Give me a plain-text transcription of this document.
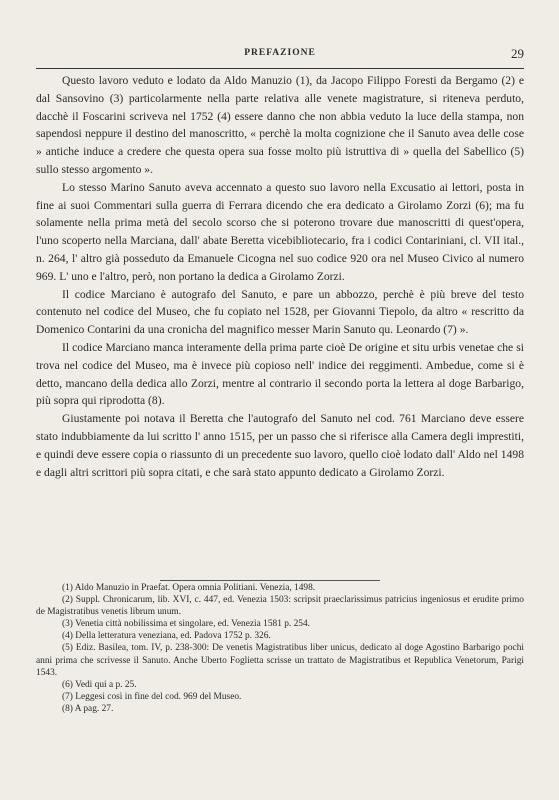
PREFAZIONE	29

Questo lavoro veduto e lodato da Aldo Manuzio (1), da Jacopo Filippo Foresti da Bergamo (2) e dal Sansovino (3) particolarmente nella parte relativa alle venete magistrature, si riteneva perduto, dacchè il Foscarini scriveva nel 1752 (4) essere danno che non abbia veduto la luce della stampa, non sapendosi neppure il destino del manoscritto, « perchè la molta cognizione che il Sanuto avea delle cose » antiche induce a credere che questa opera sua fosse molto più istruttiva di » quella del Sabellico (5) sullo stesso argomento ».

Lo stesso Marino Sanuto aveva accennato a questo suo lavoro nella Excusatio ai lettori, posta in fine ai suoi Commentari sulla guerra di Ferrara dicendo che era dedicato a Girolamo Zorzi (6); ma fu solamente nella prima metà del secolo scorso che si poterono trovare due manoscritti di quest'opera, l'uno scoperto nella Marciana, dall' abate Beretta vicebibliotecario, fra i codici Contariniani, cl. VII ital., n. 264, l' altro già posseduto da Emanuele Cicogna nel suo codice 920 ora nel Museo Civico al numero 969. L' uno e l'altro, però, non portano la dedica a Girolamo Zorzi.

Il codice Marciano è autografo del Sanuto, e pare un abbozzo, perchè è più breve del testo contenuto nel codice del Museo, che fu copiato nel 1528, per Giovanni Tiepolo, da altro « rescritto da Domenico Contarini da una cronicha del magnifico messer Marin Sanuto qu. Leonardo (7) ».

Il codice Marciano manca interamente della prima parte cioè De origine et situ urbis venetae che si trova nel codice del Museo, ma è invece più copioso nell' indice dei reggimenti. Ambedue, come si è detto, mancano della dedica allo Zorzi, mentre al contrario il secondo porta la lettera al doge Barbarigo, più sopra qui riprodotta (8).

Giustamente poi notava il Beretta che l'autografo del Sanuto nel cod. 761 Marciano deve essere stato indubbiamente da lui scritto l' anno 1515, per un passo che si riferisce alla Camera degli imprestiti, e quindi deve essere copia o riassunto di un precedente suo lavoro, quello cioè lodato dall' Aldo nel 1498 e dagli altri scrittori più sopra citati, e che sarà stato appunto dedicato a Girolamo Zorzi.

(1) Aldo Manuzio in Praefat. Opera omnia Politiani. Venezia, 1498.

(2) Suppl. Chronicarum, lib. XVI, c. 447, ed. Venezia 1503: scripsit praeclarissimus patricius ingeniosus et erudite primo de Magistratibus venetis librum unum.

(3) Venetia città nobilissima et singolare, ed. Venezia 1581 p. 254.

(4) Della letteratura veneziana, ed. Padova 1752 p. 326.

(5) Ediz. Basilea, tom. IV, p. 238-300: De venetis Magistratibus liber unicus, dedicato al doge Agostino Barbarigo pochi anni prima che scrivesse il Sanuto. Anche Uberto Foglietta scrisse un trattato de Magistratibus et Republica Venetorum, Parigi 1543.

(6) Vedi qui a p. 25.

(7) Leggesi così in fine del cod. 969 del Museo.

(8) A pag. 27.
